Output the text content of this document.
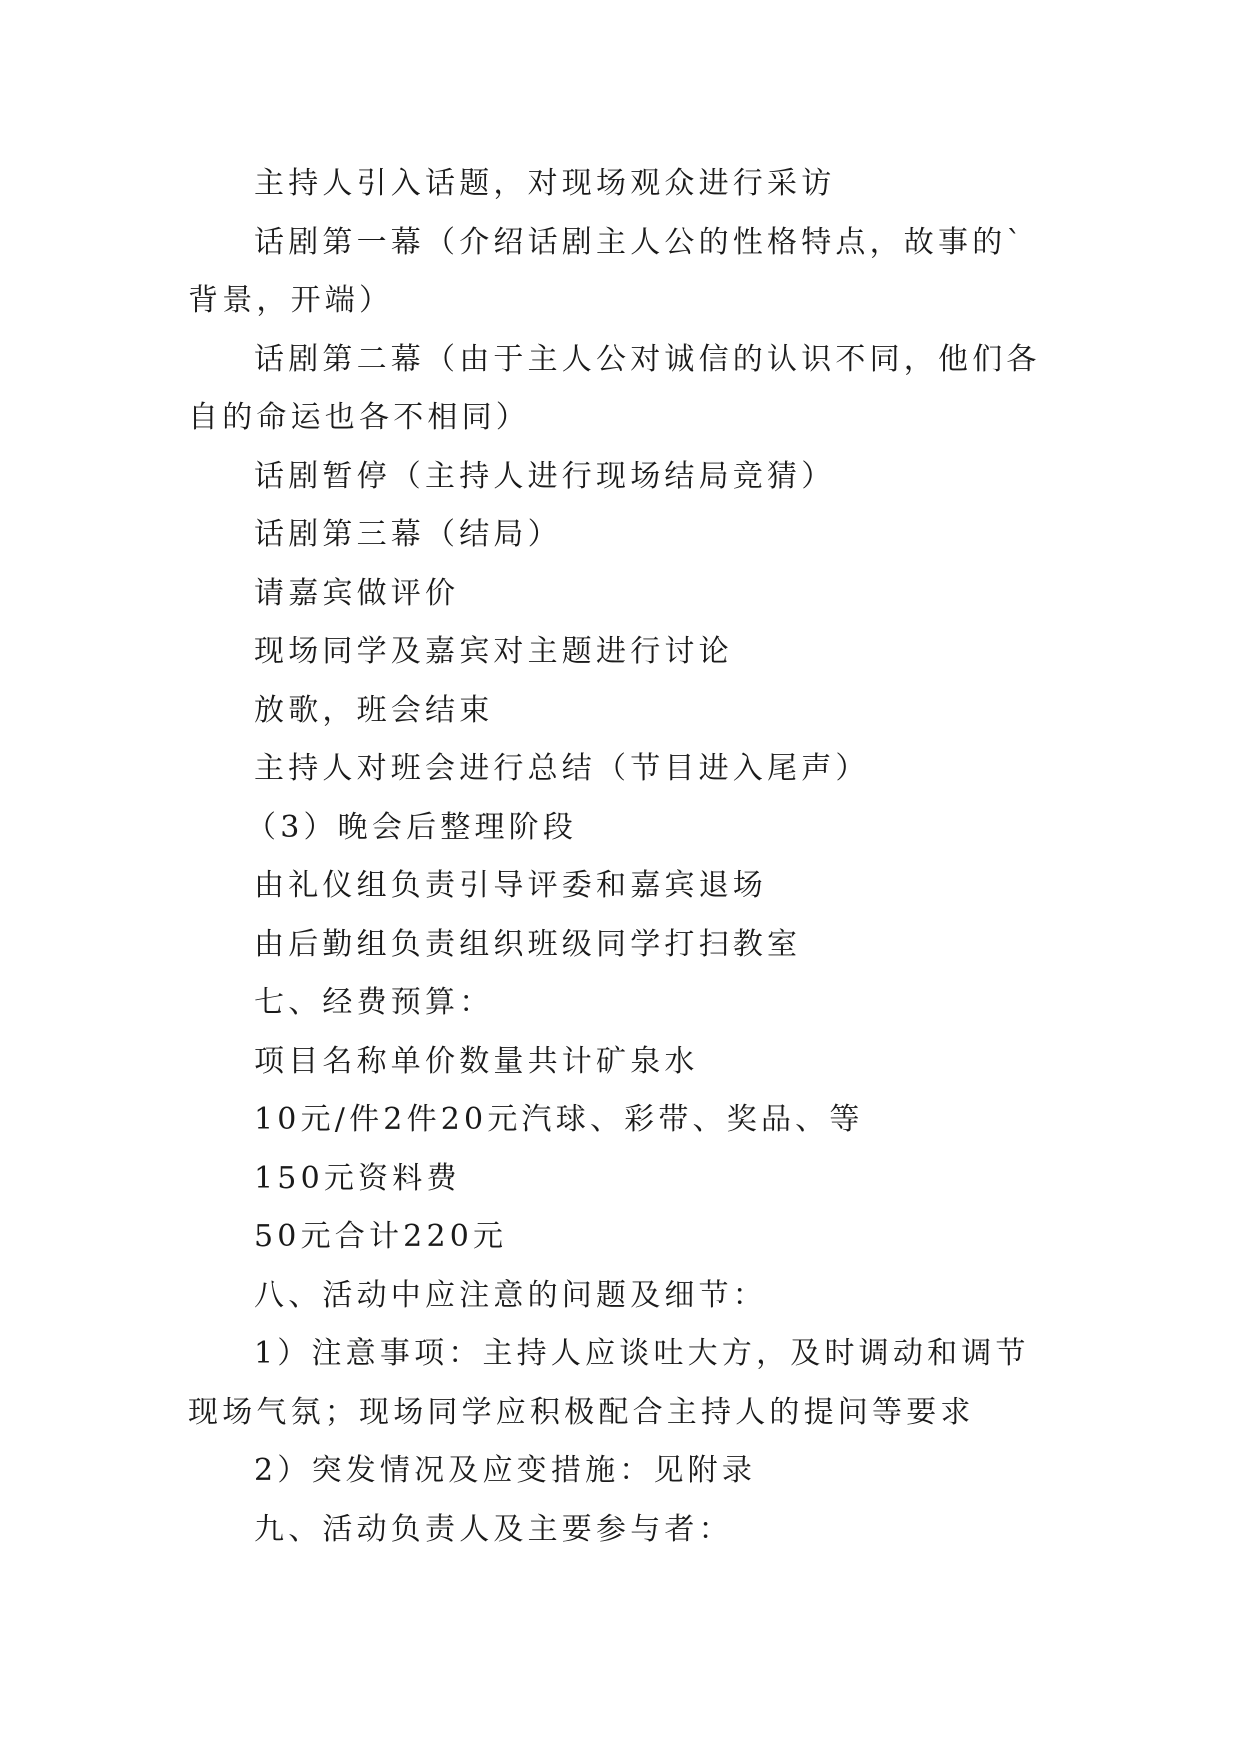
主持人引入话题，对现场观众进行采访

话剧第一幕（介绍话剧主人公的性格特点，故事的`背景，开端）

话剧第二幕（由于主人公对诚信的认识不同，他们各自的命运也各不相同）

话剧暂停（主持人进行现场结局竞猜）

话剧第三幕（结局）

请嘉宾做评价

现场同学及嘉宾对主题进行讨论

放歌，班会结束

主持人对班会进行总结（节目进入尾声）

（3）晚会后整理阶段

由礼仪组负责引导评委和嘉宾退场

由后勤组负责组织班级同学打扫教室

七、经费预算：

项目名称单价数量共计矿泉水

10元/件2件20元汽球、彩带、奖品、等

150元资料费

50元合计220元

八、活动中应注意的问题及细节：

1）注意事项：主持人应谈吐大方，及时调动和调节现场气氛；现场同学应积极配合主持人的提问等要求

2）突发情况及应变措施：见附录

九、活动负责人及主要参与者：
